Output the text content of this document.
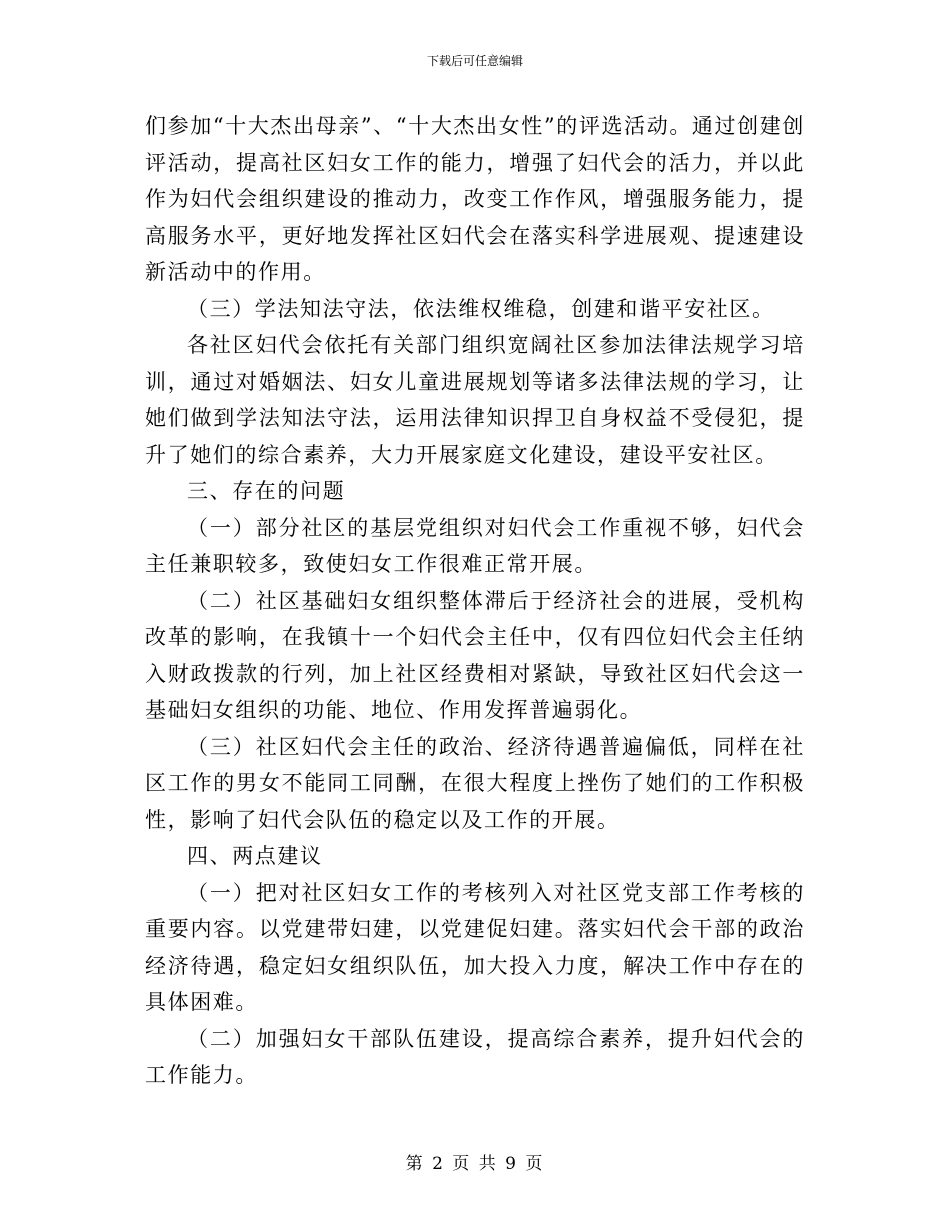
下载后可任意编辑

们参加“十大杰出母亲”、“十大杰出女性”的评选活动。通过创建创评活动，提高社区妇女工作的能力，增强了妇代会的活力，并以此作为妇代会组织建设的推动力，改变工作作风，增强服务能力，提高服务水平，更好地发挥社区妇代会在落实科学进展观、提速建设新活动中的作用。

（三）学法知法守法，依法维权维稳，创建和谐平安社区。

各社区妇代会依托有关部门组织宽阔社区参加法律法规学习培训，通过对婚姻法、妇女儿童进展规划等诸多法律法规的学习，让她们做到学法知法守法，运用法律知识捍卫自身权益不受侵犯，提升了她们的综合素养，大力开展家庭文化建设，建设平安社区。

三、存在的问题

（一）部分社区的基层党组织对妇代会工作重视不够，妇代会主任兼职较多，致使妇女工作很难正常开展。

（二）社区基础妇女组织整体滞后于经济社会的进展，受机构改革的影响，在我镇十一个妇代会主任中，仅有四位妇代会主任纳入财政拨款的行列，加上社区经费相对紧缺，导致社区妇代会这一基础妇女组织的功能、地位、作用发挥普遍弱化。

（三）社区妇代会主任的政治、经济待遇普遍偏低，同样在社区工作的男女不能同工同酬，在很大程度上挫伤了她们的工作积极性，影响了妇代会队伍的稳定以及工作的开展。

四、两点建议

（一）把对社区妇女工作的考核列入对社区党支部工作考核的重要内容。以党建带妇建，以党建促妇建。落实妇代会干部的政治经济待遇，稳定妇女组织队伍，加大投入力度，解决工作中存在的具体困难。

（二）加强妇女干部队伍建设，提高综合素养，提升妇代会的工作能力。

第 2 页 共 9 页
